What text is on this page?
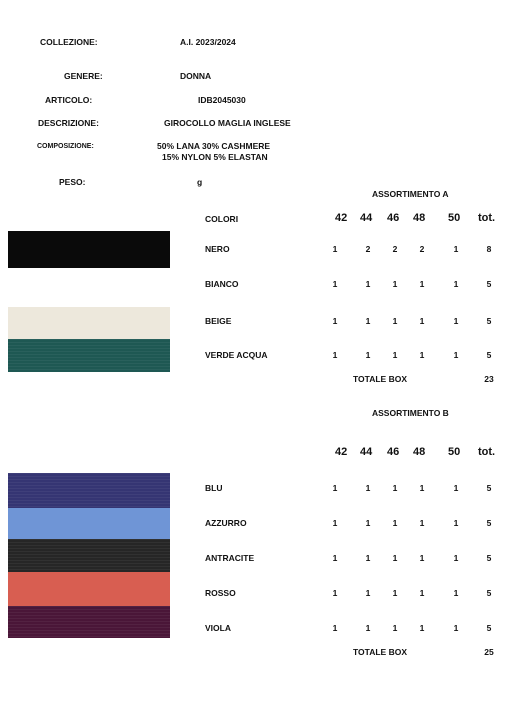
COLLEZIONE:	A.I. 2023/2024
GENERE:	DONNA
ARTICOLO:	IDB2045030
DESCRIZIONE:	GIROCOLLO MAGLIA INGLESE
COMPOSIZIONE:	50% LANA 30% CASHMERE
15% NYLON 5% ELASTAN
PESO:	g
ASSORTIMENTO A
COLORI	42 44 46 48 50 tot.
NERO	1	2	2	2	1	8
BIANCO	1	1	1	1	1	5
BEIGE	1	1	1	1	1	5
VERDE ACQUA	1	1	1	1	1	5
TOTALE BOX	23
ASSORTIMENTO B
42 44 46 48 50 tot.
BLU	1	1	1	1	1	5
AZZURRO	1	1	1	1	1	5
ANTRACITE	1	1	1	1	1	5
ROSSO	1	1	1	1	1	5
VIOLA	1	1	1	1	1	5
TOTALE BOX	25
